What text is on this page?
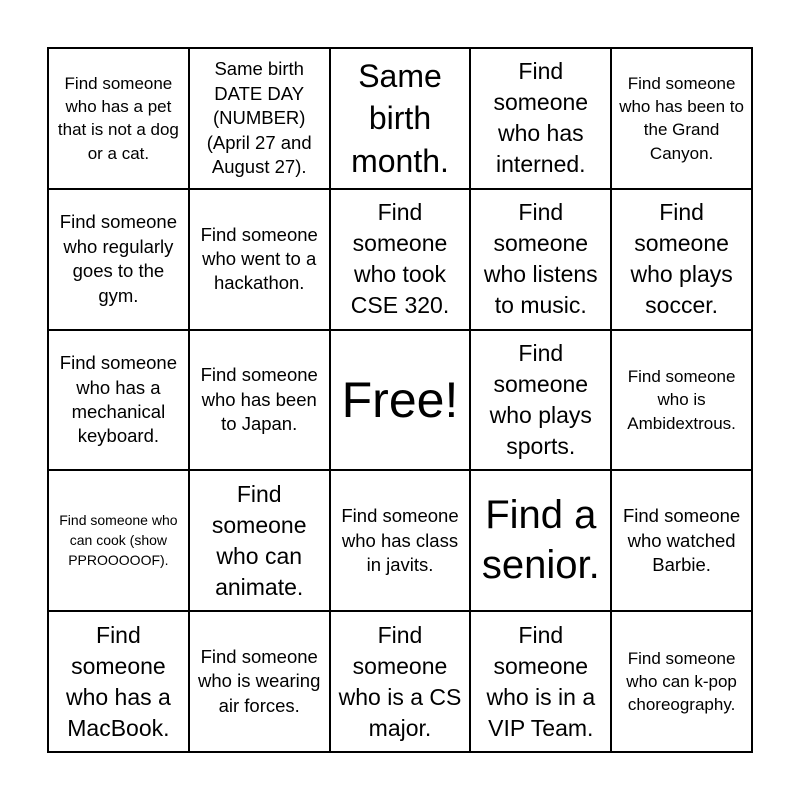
Find someone who has a pet that is not a dog or a cat.
Same birth DATE DAY (NUMBER) (April 27 and August 27).
Same birth month.
Find someone who has interned.
Find someone who has been to the Grand Canyon.
Find someone who regularly goes to the gym.
Find someone who went to a hackathon.
Find someone who took CSE 320.
Find someone who listens to music.
Find someone who plays soccer.
Find someone who has a mechanical keyboard.
Find someone who has been to Japan. Free!
Find someone who plays sports.
Find someone who is Ambidextrous.
Find someone who can cook (show PPROOOOOF).
Find someone who can animate.
Find someone who has class in javits.
Find a senior.
Find someone who watched Barbie.
Find someone who has a MacBook.
Find someone who is wearing air forces.
Find someone who is a CS major.
Find someone who is in a VIP Team.
Find someone who can k-pop choreography.
